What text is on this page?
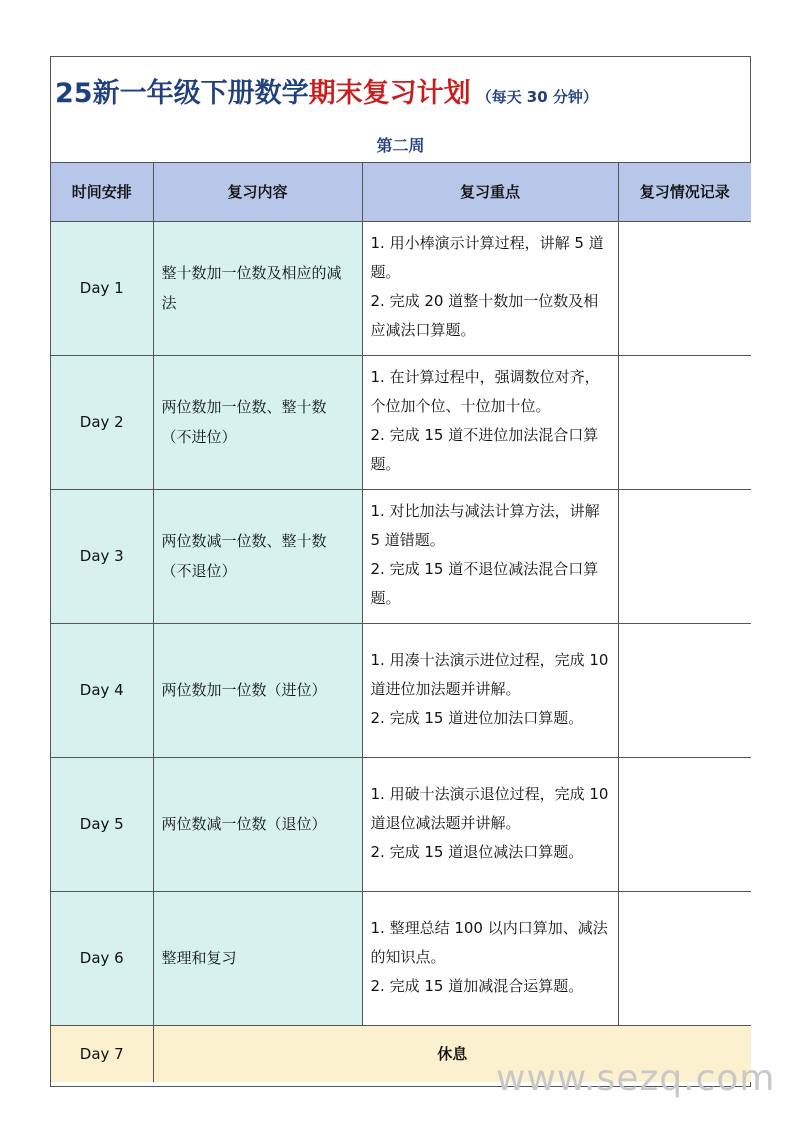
25新一年级下册数学期末复习计划 （每天 30 分钟）
第二周
时间安排	复习内容	复习重点	复习情况记录
Day 1	整十数加一位数及相应的减法	1. 用小棒演示计算过程，讲解 5 道题。
2. 完成 20 道整十数加一位数及相应减法口算题。	

Day 2	两位数加一位数、整十数（不进位）	1. 在计算过程中，强调数位对齐，个位加个位、十位加十位。
2. 完成 15 道不进位加法混合口算题。	

Day 3	两位数减一位数、整十数（不退位）	1. 对比加法与减法计算方法，讲解 5 道错题。
2. 完成 15 道不退位减法混合口算题。	

Day 4	两位数加一位数（进位）	1. 用凑十法演示进位过程，完成 10 道进位加法题并讲解。
2. 完成 15 道进位加法口算题。	

Day 5	两位数减一位数（退位）	1. 用破十法演示退位过程，完成 10 道退位减法题并讲解。
2. 完成 15 道退位减法口算题。	

Day 6	整理和复习	1. 整理总结 100 以内口算加、减法的知识点。
2. 完成 15 道加减混合运算题。	

Day 7	休息		
www.sezq.com
